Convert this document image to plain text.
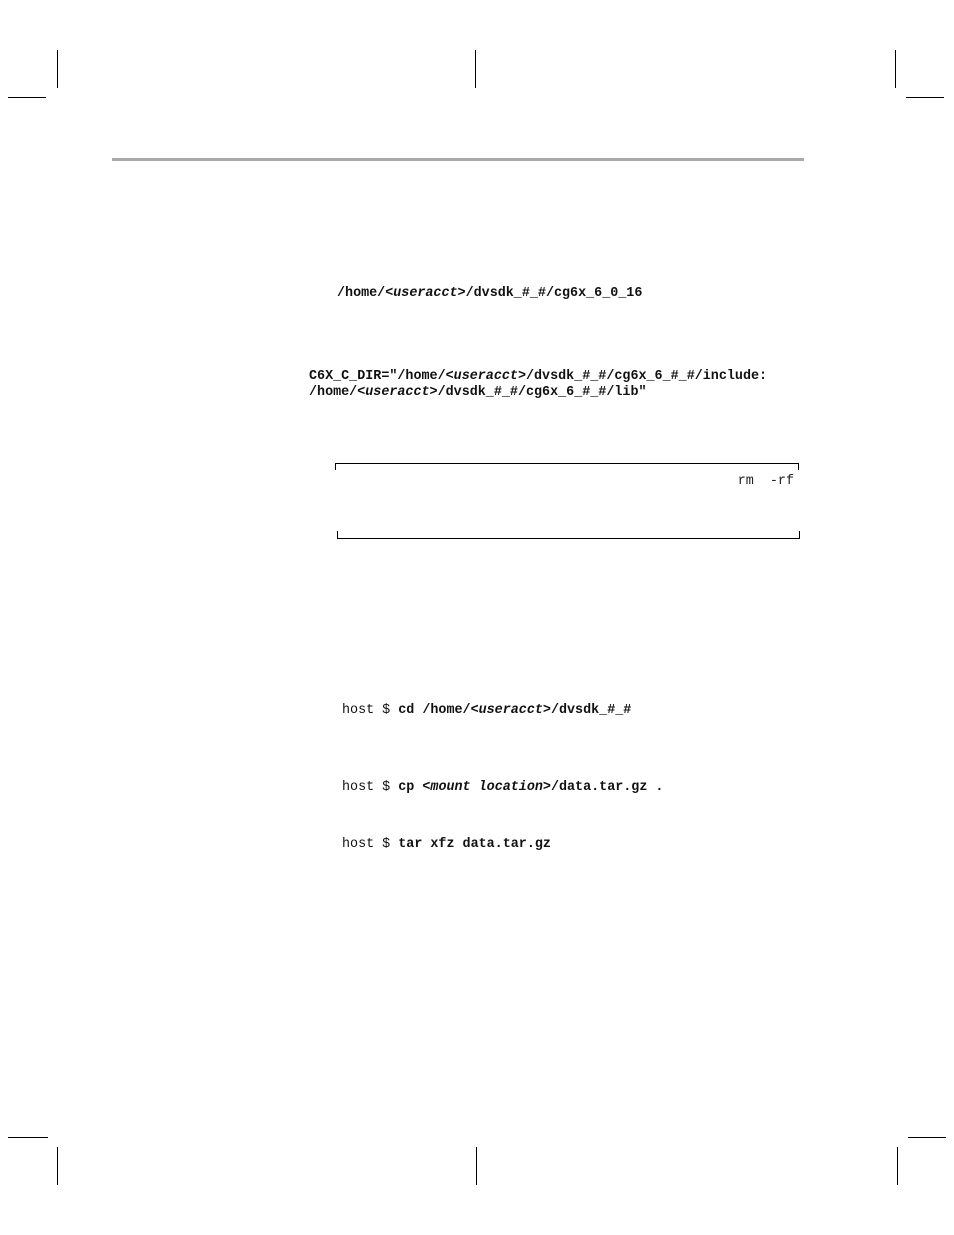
/home/<useracct>/dvsdk_#_#/cg6x_6_0_16
C6X_C_DIR="/home/<useracct>/dvsdk_#_#/cg6x_6_#_#/include:
/home/<useracct>/dvsdk_#_#/cg6x_6_#_#/lib"
rm  -rf
host $ cd /home/<useracct>/dvsdk_#_#
host $ cp <mount location>/data.tar.gz .
host $ tar xfz data.tar.gz
